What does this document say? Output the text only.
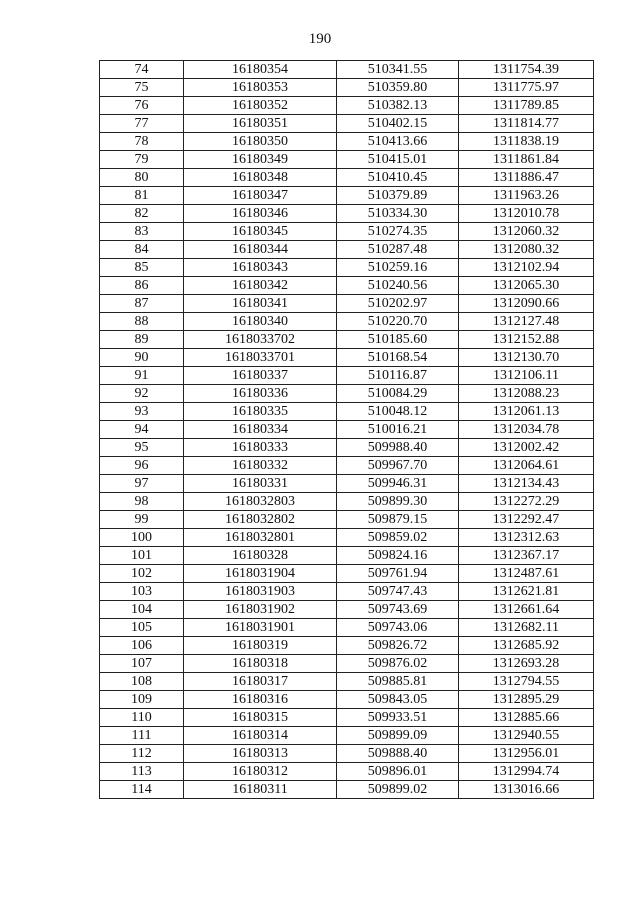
190
74	16180354	510341.55	1311754.39
75	16180353	510359.80	1311775.97
76	16180352	510382.13	1311789.85
77	16180351	510402.15	1311814.77
78	16180350	510413.66	1311838.19
79	16180349	510415.01	1311861.84
80	16180348	510410.45	1311886.47
81	16180347	510379.89	1311963.26
82	16180346	510334.30	1312010.78
83	16180345	510274.35	1312060.32
84	16180344	510287.48	1312080.32
85	16180343	510259.16	1312102.94
86	16180342	510240.56	1312065.30
87	16180341	510202.97	1312090.66
88	16180340	510220.70	1312127.48
89	1618033702	510185.60	1312152.88
90	1618033701	510168.54	1312130.70
91	16180337	510116.87	1312106.11
92	16180336	510084.29	1312088.23
93	16180335	510048.12	1312061.13
94	16180334	510016.21	1312034.78
95	16180333	509988.40	1312002.42
96	16180332	509967.70	1312064.61
97	16180331	509946.31	1312134.43
98	1618032803	509899.30	1312272.29
99	1618032802	509879.15	1312292.47
100	1618032801	509859.02	1312312.63
101	16180328	509824.16	1312367.17
102	1618031904	509761.94	1312487.61
103	1618031903	509747.43	1312621.81
104	1618031902	509743.69	1312661.64
105	1618031901	509743.06	1312682.11
106	16180319	509826.72	1312685.92
107	16180318	509876.02	1312693.28
108	16180317	509885.81	1312794.55
109	16180316	509843.05	1312895.29
110	16180315	509933.51	1312885.66
111	16180314	509899.09	1312940.55
112	16180313	509888.40	1312956.01
113	16180312	509896.01	1312994.74
114	16180311	509899.02	1313016.66
